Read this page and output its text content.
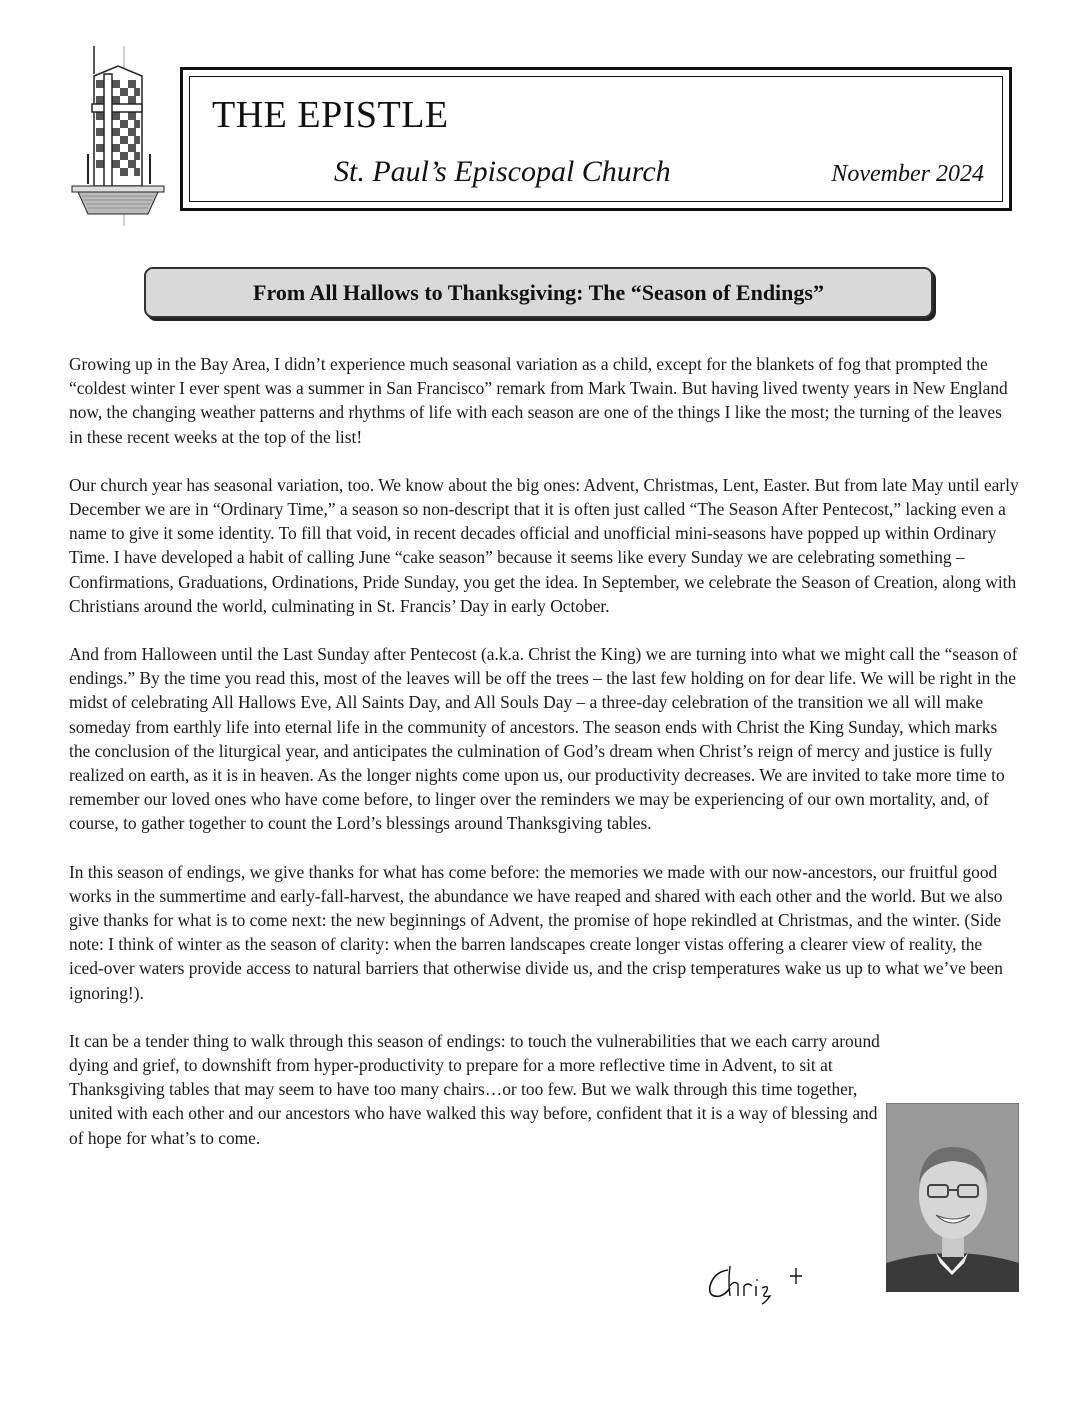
THE EPISTLE
St. Paul’s Episcopal Church	November 2024
From All Hallows to Thanksgiving: The “Season of Endings”

Growing up in the Bay Area, I didn’t experience much seasonal variation as a child, except for the blankets of fog that prompted the “coldest winter I ever spent was a summer in San Francisco” remark from Mark Twain. But having lived twenty years in New England now, the changing weather patterns and rhythms of life with each season are one of the things I like the most; the turning of the leaves in these recent weeks at the top of the list!

Our church year has seasonal variation, too. We know about the big ones: Advent, Christmas, Lent, Easter. But from late May until early December we are in “Ordinary Time,” a season so non-descript that it is often just called “The Season After Pentecost,” lacking even a name to give it some identity. To fill that void, in recent decades official and unofficial mini-seasons have popped up within Ordinary Time. I have developed a habit of calling June “cake season” because it seems like every Sunday we are celebrating something – Confirmations, Graduations, Ordinations, Pride Sunday, you get the idea. In September, we celebrate the Season of Creation, along with Christians around the world, culminating in St. Francis’ Day in early October.

And from Halloween until the Last Sunday after Pentecost (a.k.a. Christ the King) we are turning into what we might call the “season of endings.” By the time you read this, most of the leaves will be off the trees – the last few holding on for dear life. We will be right in the midst of celebrating All Hallows Eve, All Saints Day, and All Souls Day – a three-day celebration of the transition we all will make someday from earthly life into eternal life in the community of ancestors. The season ends with Christ the King Sunday, which marks the conclusion of the liturgical year, and anticipates the culmination of God’s dream when Christ’s reign of mercy and justice is fully realized on earth, as it is in heaven. As the longer nights come upon us, our productivity decreases. We are invited to take more time to remember our loved ones who have come before, to linger over the reminders we may be experiencing of our own mortality, and, of course, to gather together to count the Lord’s blessings around Thanksgiving tables.

In this season of endings, we give thanks for what has come before: the memories we made with our now-ancestors, our fruitful good works in the summertime and early-fall-harvest, the abundance we have reaped and shared with each other and the world. But we also give thanks for what is to come next: the new beginnings of Advent, the promise of hope rekindled at Christmas, and the winter. (Side note: I think of winter as the season of clarity: when the barren landscapes create longer vistas offering a clearer view of reality, the iced-over waters provide access to natural barriers that otherwise divide us, and the crisp temperatures wake us up to what we’ve been ignoring!).

It can be a tender thing to walk through this season of endings: to touch the vulnerabilities that we each carry around dying and grief, to downshift from hyper-productivity to prepare for a more reflective time in Advent, to sit at Thanksgiving tables that may seem to have too many chairs…or too few. But we walk through this time together, united with each other and our ancestors who have walked this way before, confident that it is a way of blessing and of hope for what’s to come.
